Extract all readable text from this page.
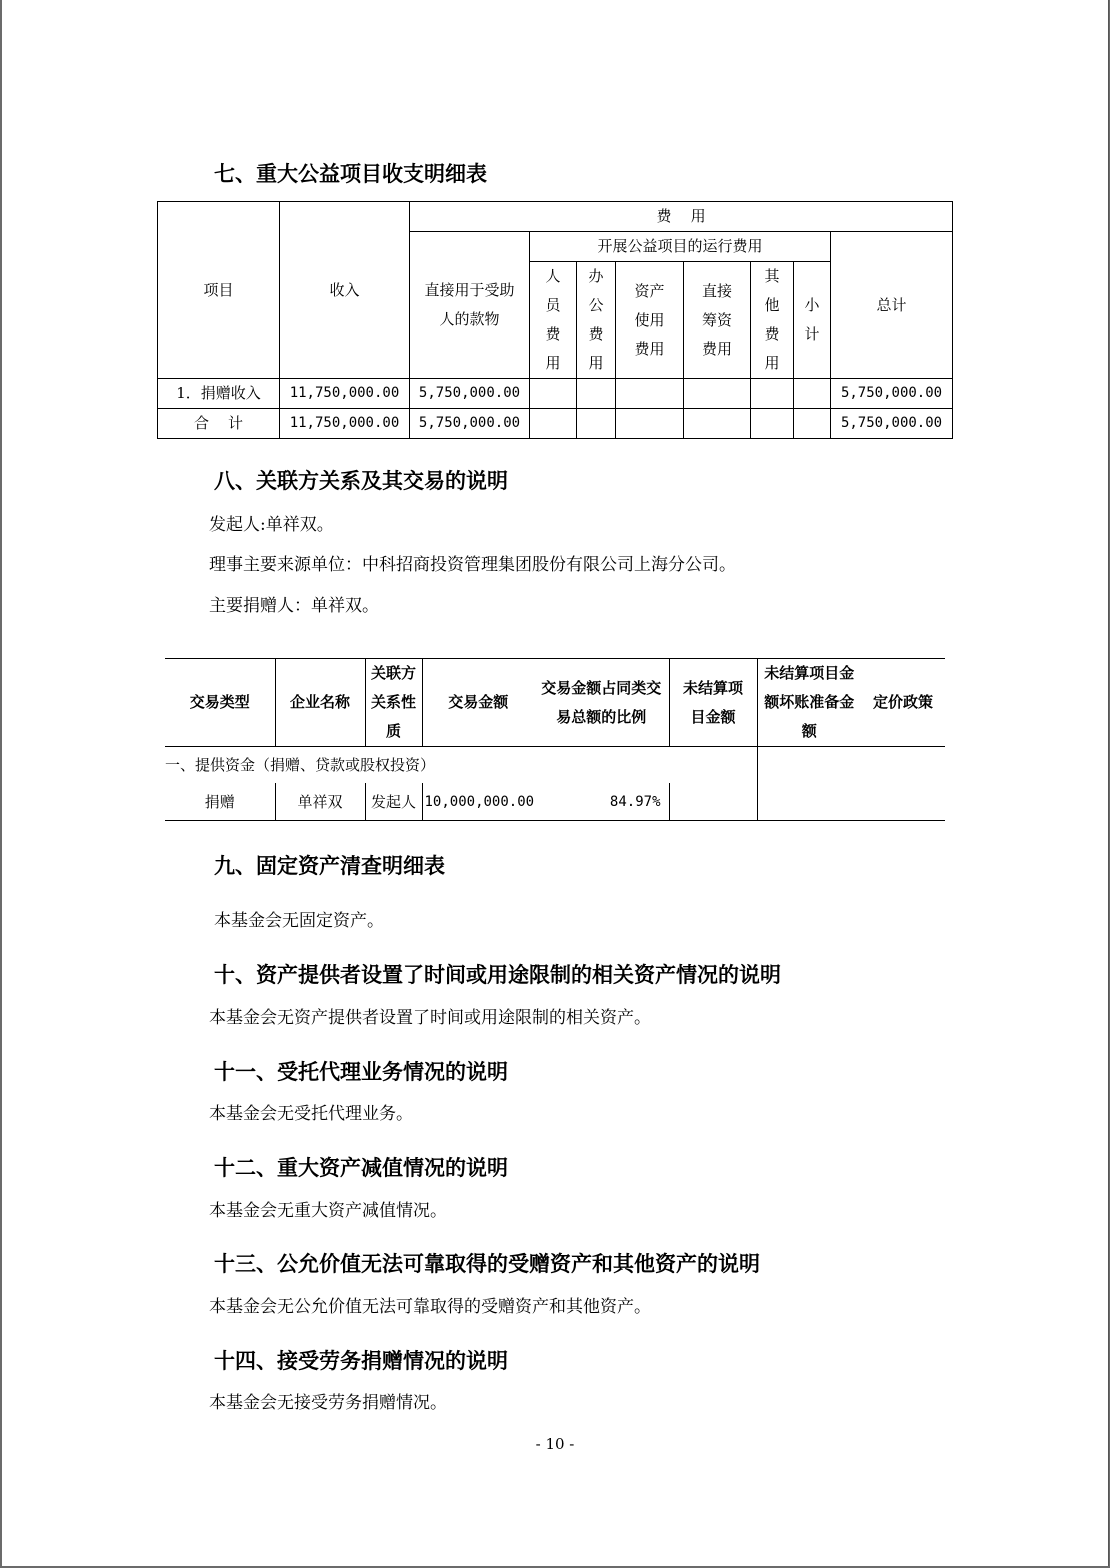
七、重大公益项目收支明细表
项目	收入	费    用							
		直接用于受助人的款物	开展公益项目的运行费用						总计
			人员费用	办公费用	资产使用费用	直接筹资费用	其他费用	小计	
1．捐赠收入	11,750,000.00	5,750,000.00							5,750,000.00
合    计	11,750,000.00	5,750,000.00							5,750,000.00
八、关联方关系及其交易的说明
发起人:单祥双。
理事主要来源单位：中科招商投资管理集团股份有限公司上海分公司。
主要捐赠人：单祥双。
交易类型	企业名称	关联方关系性质	交易金额	交易金额占同类交易总额的比例	未结算项目金额	未结算项目金额坏账准备金额	定价政策
一、提供资金（捐赠、贷款或股权投资）							
捐赠	单祥双	发起人	10,000,000.00	84.97%			
九、固定资产清查明细表
本基金会无固定资产。
十、资产提供者设置了时间或用途限制的相关资产情况的说明
本基金会无资产提供者设置了时间或用途限制的相关资产。
十一、受托代理业务情况的说明
本基金会无受托代理业务。
十二、重大资产减值情况的说明
本基金会无重大资产减值情况。
十三、公允价值无法可靠取得的受赠资产和其他资产的说明
本基金会无公允价值无法可靠取得的受赠资产和其他资产。
十四、接受劳务捐赠情况的说明
本基金会无接受劳务捐赠情况。
- 10 -
